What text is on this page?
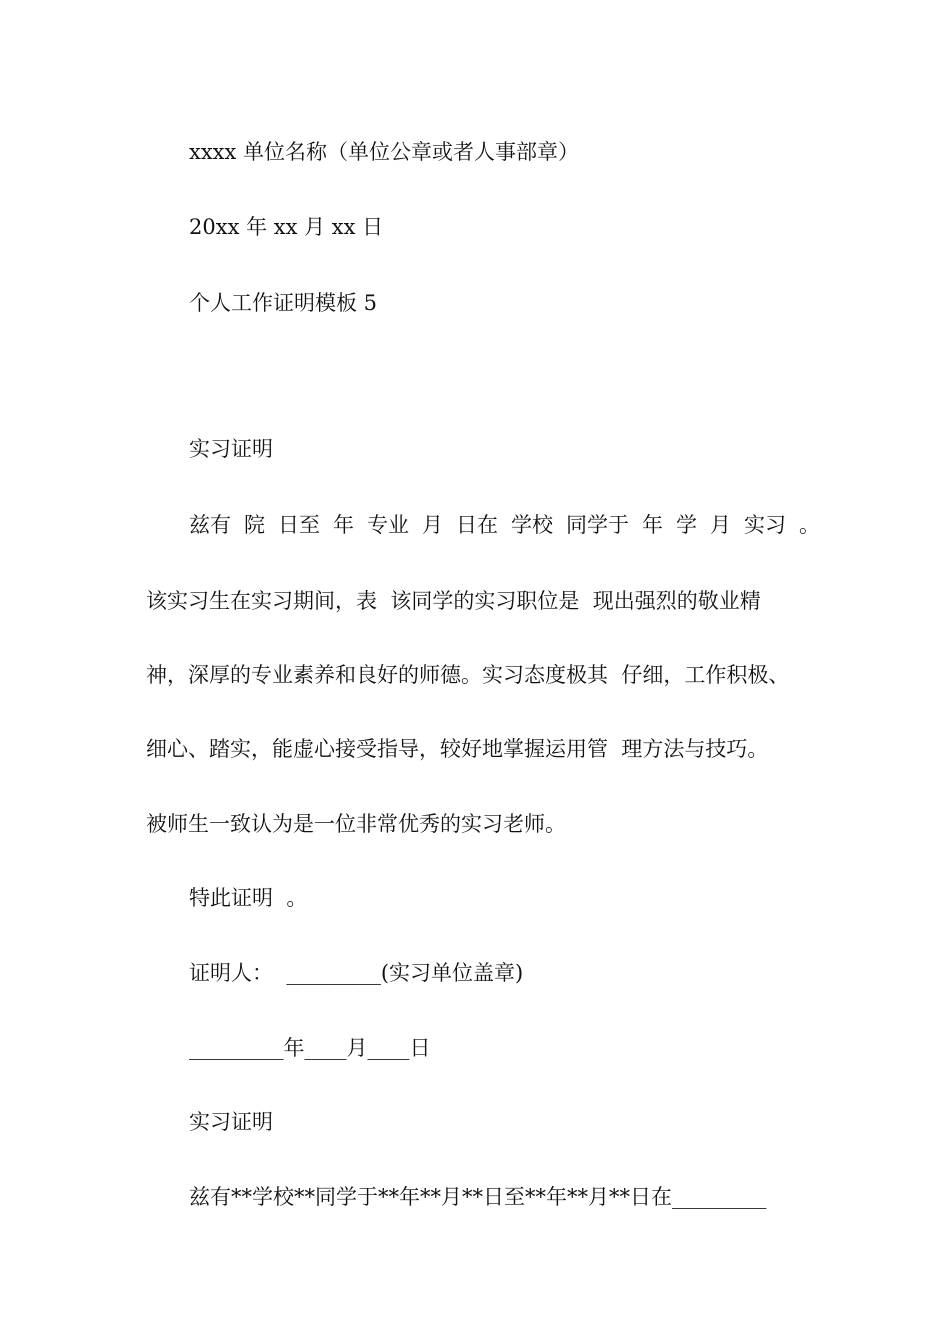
xxxx 单位名称（单位公章或者人事部章）
20xx 年 xx 月 xx 日
个人工作证明模板 5
实习证明
兹有 院 日至 年 专业 月 日在 学校 同学于 年 学 月 实习 。
该实习生在实习期间，表  该同学的实习职位是  现出强烈的敬业精
神，深厚的专业素养和良好的师德。实习态度极其  仔细，工作积极、
细心、踏实，能虚心接受指导，较好地掌握运用管  理方法与技巧。
被师生一致认为是一位非常优秀的实习老师。
特此证明  。
证明人：  _________(实习单位盖章)
_________年____月____日
实习证明
兹有**学校**同学于**年**月**日至**年**月**日在_________
